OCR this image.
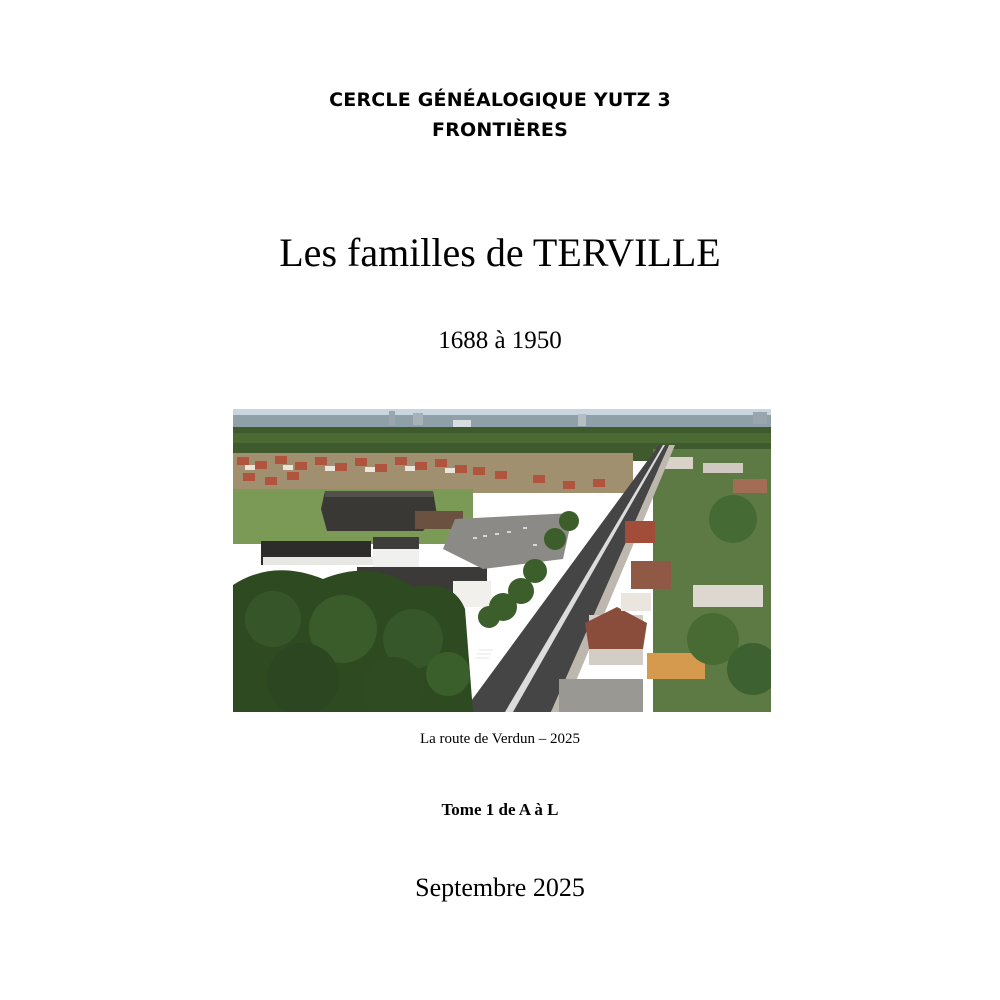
CERCLE GÉNÉALOGIQUE YUTZ 3
FRONTIÈRES
Les familles de TERVILLE
1688 à 1950
La route de Verdun – 2025
Tome 1 de A à L
Septembre 2025
